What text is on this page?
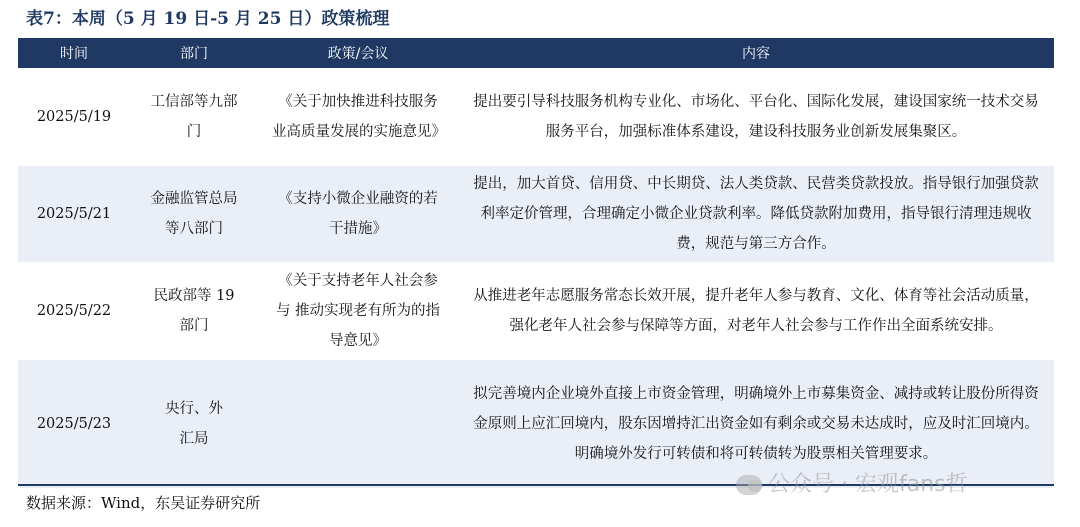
表7：本周（5 月 19 日-5 月 25 日）政策梳理
时间	部门	政策/会议	内容
2025/5/19	工信部等九部门	《关于加快推进科技服务业高质量发展的实施意见》	提出要引导科技服务机构专业化、市场化、平台化、国际化发展，建设国家统一技术交易服务平台，加强标准体系建设，建设科技服务业创新发展集聚区。
2025/5/21	金融监管总局等八部门	《支持小微企业融资的若干措施》	提出，加大首贷、信用贷、中长期贷、法人类贷款、民营类贷款投放。指导银行加强贷款利率定价管理，合理确定小微企业贷款利率。降低贷款附加费用，指导银行清理违规收费，规范与第三方合作。
2025/5/22	民政部等 19 部门	《关于支持老年人社会参与 推动实现老有所为的指导意见》	从推进老年志愿服务常态长效开展，提升老年人参与教育、文化、体育等社会活动质量，强化老年人社会参与保障等方面，对老年人社会参与工作作出全面系统安排。
2025/5/23	央行、外汇局		拟完善境内企业境外直接上市资金管理，明确境外上市募集资金、减持或转让股份所得资金原则上应汇回境内，股东因增持汇出资金如有剩余或交易未达成时，应及时汇回境内。明确境外发行可转债和将可转债转为股票相关管理要求。
数据来源：Wind，东吴证券研究所
公众号 · 宏观fans哲
